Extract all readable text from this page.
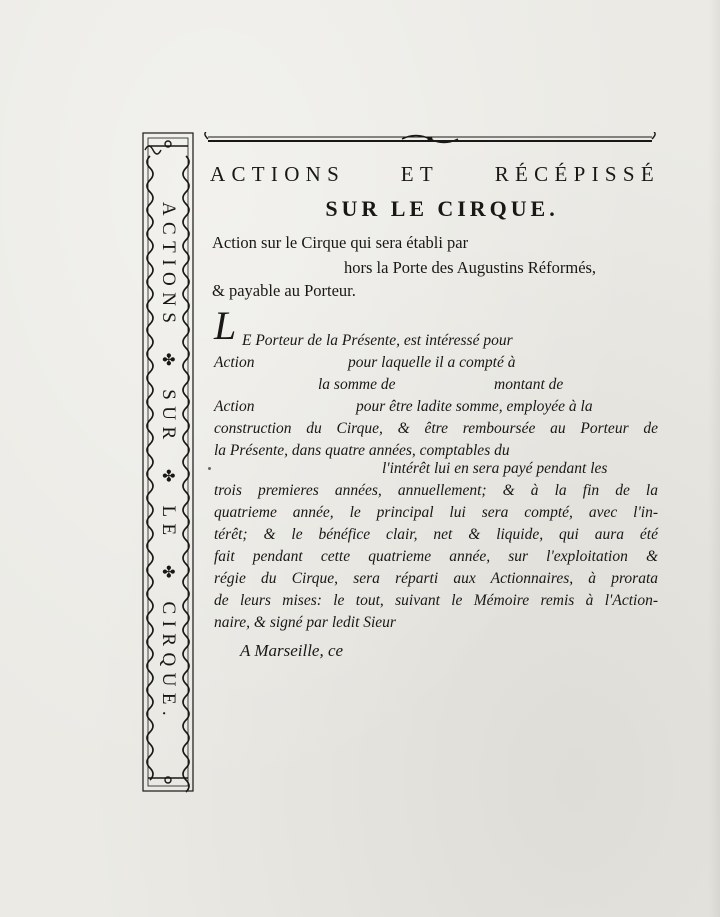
ACTIONS ✤ SUR ✤ LE ✤ CIRQUE.
ACTIONS	ET	RÉCÉPISSÉ
SUR LE CIRQUE.
Action sur le Cirque qui sera établi par
hors la Porte des Augustins Réformés,
& payable au Porteur.
L E Porteur de la Présente, est intéressé pour
Action	pour laquelle il a compté à
la somme de	montant de
Action	pour être ladite somme, employée à la
construction du Cirque, & être remboursée au Porteur de
la Présente, dans quatre années, comptables du
l'intérêt lui en sera payé pendant les
trois premieres années, annuellement; & à la fin de la
quatrieme année, le principal lui sera compté, avec l'in-
térêt; & le bénéfice clair, net & liquide, qui aura été
fait pendant cette quatrieme année, sur l'exploitation &
régie du Cirque, sera réparti aux Actionnaires, à prorata
de leurs mises: le tout, suivant le Mémoire remis à l'Action-
naire, & signé par ledit Sieur
A Marseille, ce
